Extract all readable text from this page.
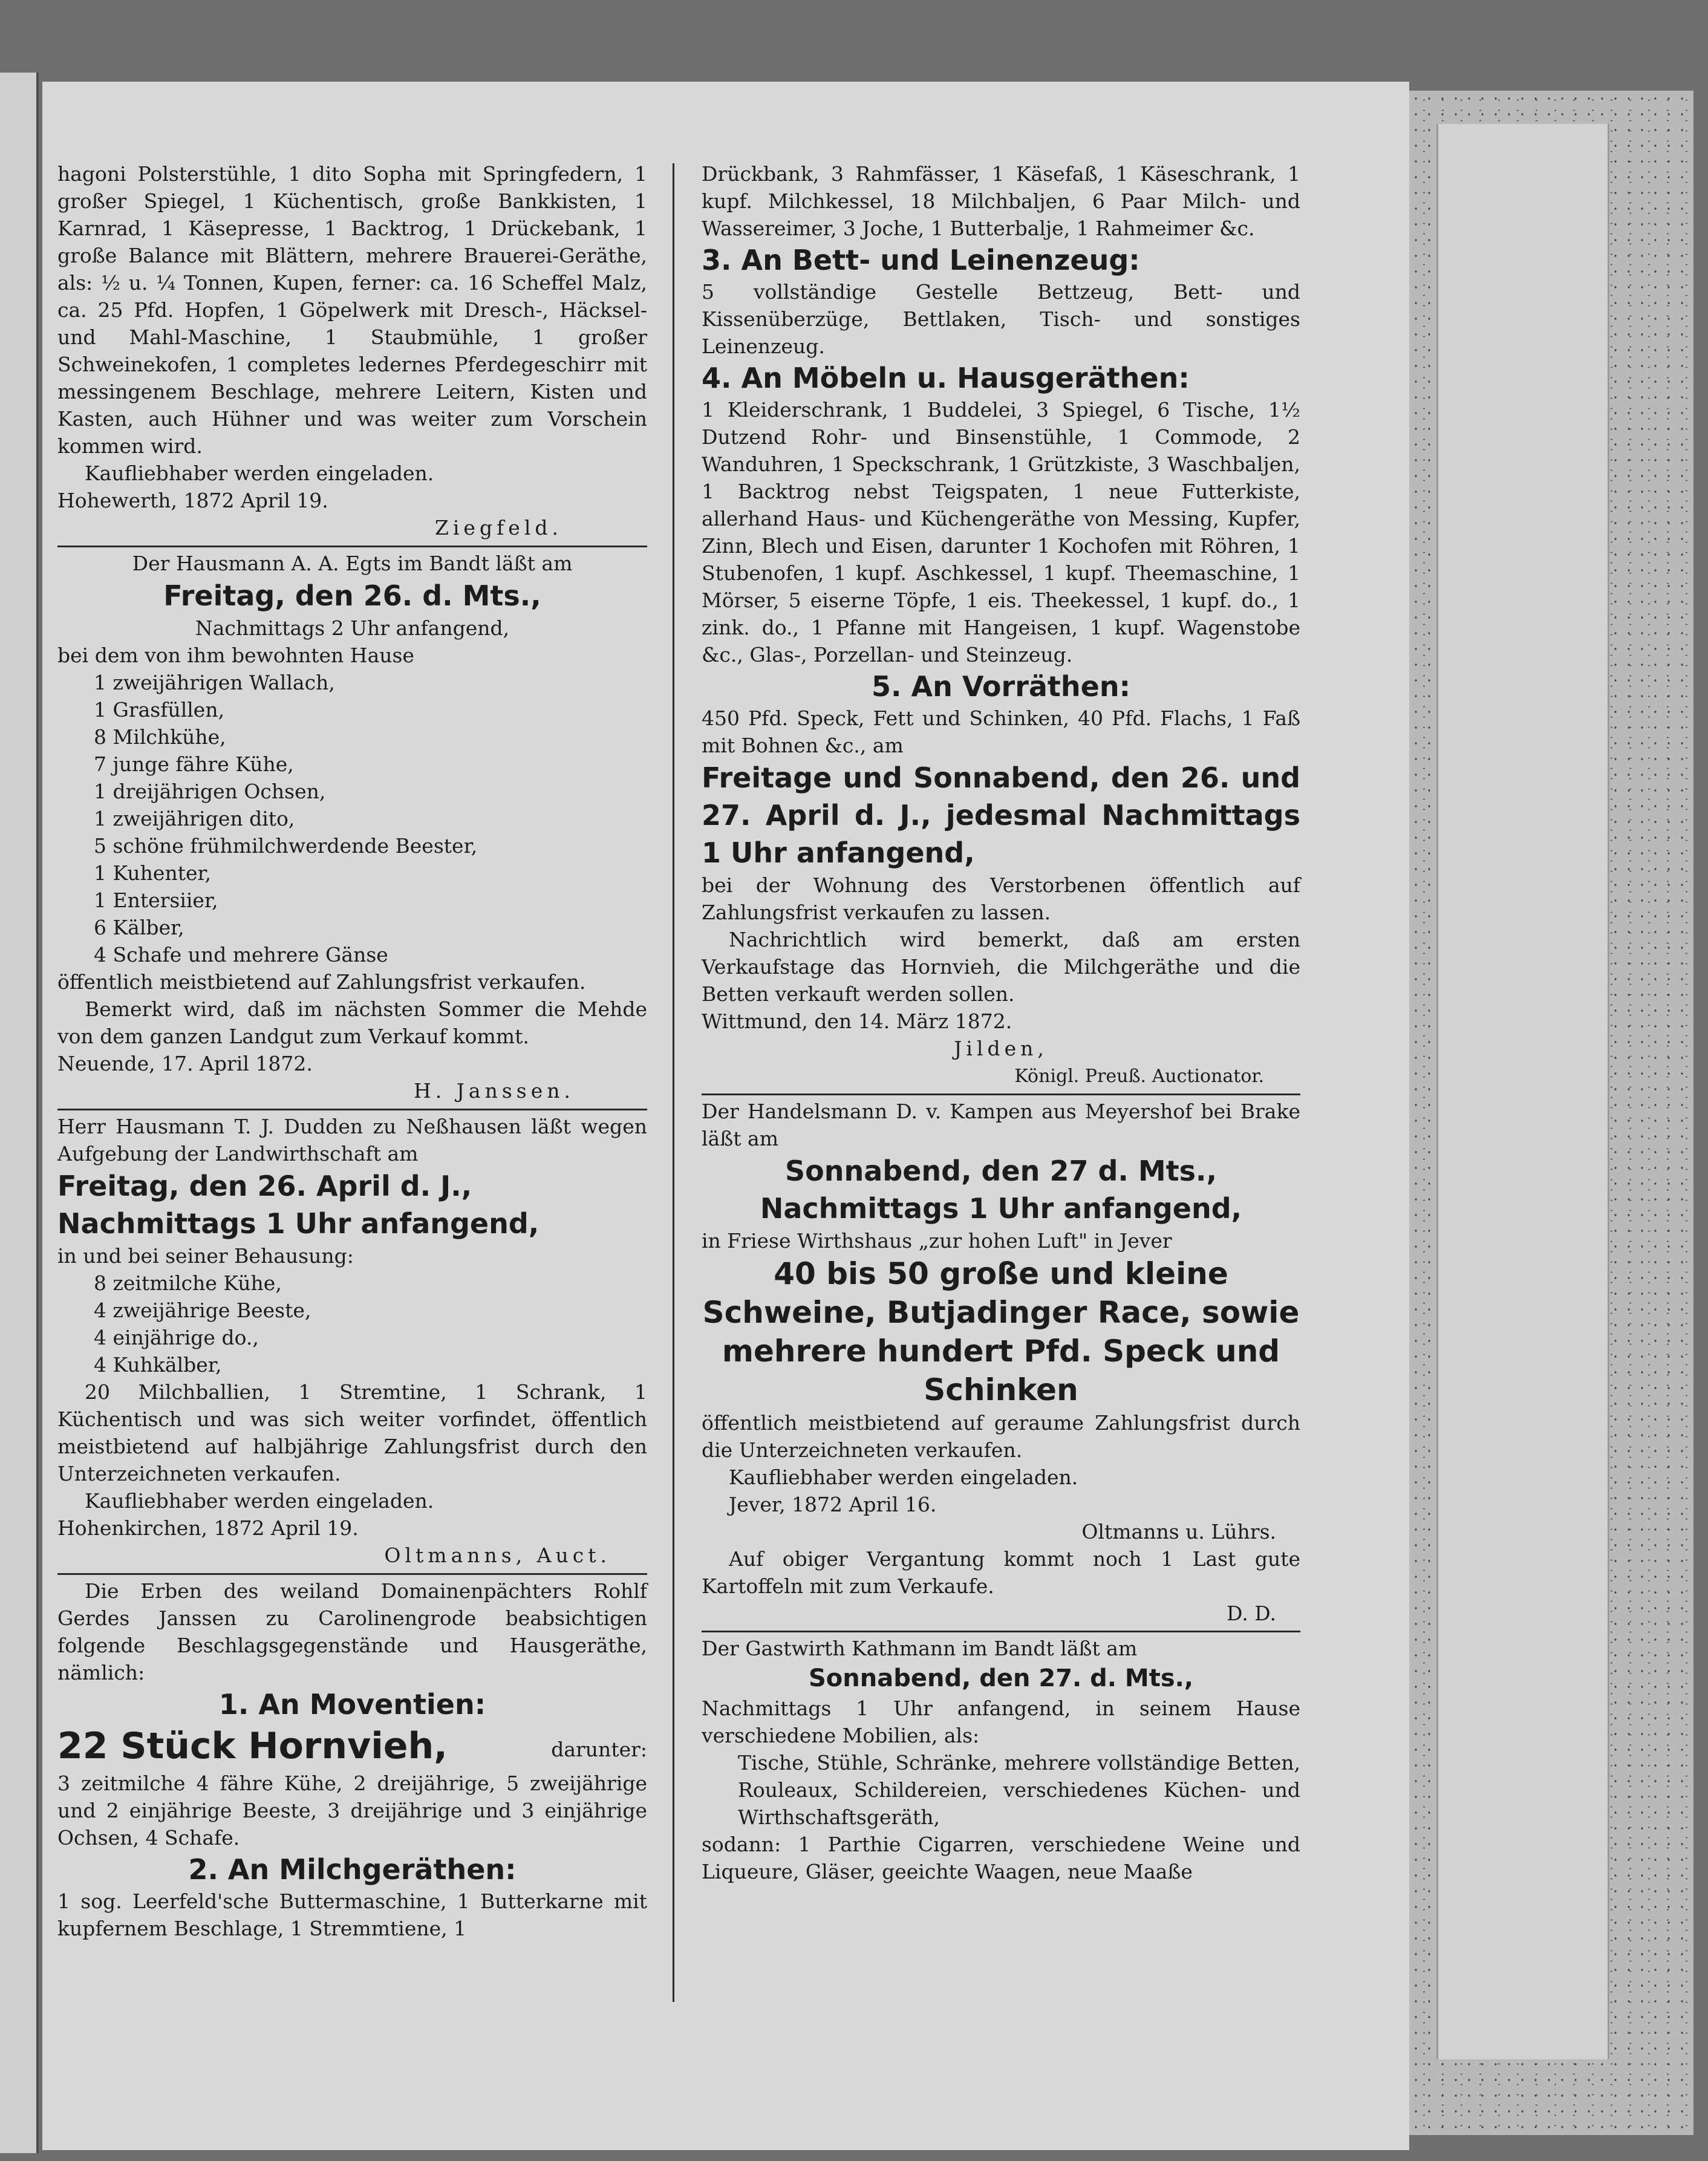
hagoni Polsterstühle, 1 dito Sopha mit Springfedern, 1 großer Spiegel, 1 Küchentisch, große Bankkisten, 1 Karnrad, 1 Käsepresse, 1 Backtrog, 1 Drückebank, 1 große Balance mit Blättern, mehrere Brauerei-Geräthe, als: ½ u. ¼ Tonnen, Kupen, ferner: ca. 16 Scheffel Malz, ca. 25 Pfd. Hopfen, 1 Göpelwerk mit Dresch-, Häcksel- und Mahl-Maschine, 1 Staubmühle, 1 großer Schweinekofen, 1 completes ledernes Pferdegeschirr mit messingenem Beschlage, mehrere Leitern, Kisten und Kasten, auch Hühner und was weiter zum Vorschein kommen wird.

Kaufliebhaber werden eingeladen.

Hohewerth, 1872 April 19.

Ziegfeld.

Der Hausmann A. A. Egts im Bandt läßt am

Freitag, den 26. d. Mts.,

Nachmittags 2 Uhr anfangend,

bei dem von ihm bewohnten Hause

1 zweijährigen Wallach,

1 Grasfüllen,

8 Milchkühe,

7 junge fähre Kühe,

1 dreijährigen Ochsen,

1 zweijährigen dito,

5 schöne frühmilchwerdende Beester,

1 Kuhenter,

1 Entersiier,

6 Kälber,

4 Schafe und mehrere Gänse

öffentlich meistbietend auf Zahlungsfrist verkaufen.

Bemerkt wird, daß im nächsten Sommer die Mehde von dem ganzen Landgut zum Verkauf kommt.

Neuende, 17. April 1872.

H. Janssen.

Herr Hausmann T. J. Dudden zu Neßhausen läßt wegen Aufgebung der Landwirthschaft am

Freitag, den 26. April d. J.,

Nachmittags 1 Uhr anfangend,

in und bei seiner Behausung:

8 zeitmilche Kühe,

4 zweijährige Beeste,

4 einjährige do.,

4 Kuhkälber,

20 Milchballien, 1 Stremtine, 1 Schrank, 1 Küchentisch und was sich weiter vorfindet, öffentlich meistbietend auf halbjährige Zahlungsfrist durch den Unterzeichneten verkaufen.

Kaufliebhaber werden eingeladen.

Hohenkirchen, 1872 April 19.

Oltmanns, Auct.

Die Erben des weiland Domainenpächters Rohlf Gerdes Janssen zu Carolinengrode beabsichtigen folgende Beschlagsgegenstände und Hausgeräthe, nämlich:

1. An Moventien:

22 Stück Hornvieh,	darunter:

3 zeitmilche 4 fähre Kühe, 2 dreijährige, 5 zweijährige und 2 einjährige Beeste, 3 dreijährige und 3 einjährige Ochsen, 4 Schafe.

2. An Milchgeräthen:

1 sog. Leerfeld'sche Buttermaschine, 1 Butterkarne mit kupfernem Beschlage, 1 Stremmtiene, 1

Drückbank, 3 Rahmfässer, 1 Käsefaß, 1 Käseschrank, 1 kupf. Milchkessel, 18 Milchbaljen, 6 Paar Milch- und Wassereimer, 3 Joche, 1 Butterbalje, 1 Rahmeimer &c.

3. An Bett- und Leinenzeug:

5 vollständige Gestelle Bettzeug, Bett- und Kissenüberzüge, Bettlaken, Tisch- und sonstiges Leinenzeug.

4. An Möbeln u. Hausgeräthen:

1 Kleiderschrank, 1 Buddelei, 3 Spiegel, 6 Tische, 1½ Dutzend Rohr- und Binsenstühle, 1 Commode, 2 Wanduhren, 1 Speckschrank, 1 Grützkiste, 3 Waschbaljen, 1 Backtrog nebst Teigspaten, 1 neue Futterkiste, allerhand Haus- und Küchengeräthe von Messing, Kupfer, Zinn, Blech und Eisen, darunter 1 Kochofen mit Röhren, 1 Stubenofen, 1 kupf. Aschkessel, 1 kupf. Theemaschine, 1 Mörser, 5 eiserne Töpfe, 1 eis. Theekessel, 1 kupf. do., 1 zink. do., 1 Pfanne mit Hangeisen, 1 kupf. Wagenstobe &c., Glas-, Porzellan- und Steinzeug.

5. An Vorräthen:

450 Pfd. Speck, Fett und Schinken, 40 Pfd. Flachs, 1 Faß mit Bohnen &c., am

Freitage und Sonnabend, den 26. und 27. April d. J., jedesmal Nachmittags 1 Uhr anfangend,

bei der Wohnung des Verstorbenen öffentlich auf Zahlungsfrist verkaufen zu lassen.

Nachrichtlich wird bemerkt, daß am ersten Verkaufstage das Hornvieh, die Milchgeräthe und die Betten verkauft werden sollen.

Wittmund, den 14. März 1872.

Jilden,

Königl. Preuß. Auctionator.

Der Handelsmann D. v. Kampen aus Meyershof bei Brake läßt am

Sonnabend, den 27 d. Mts.,

Nachmittags 1 Uhr anfangend,

in Friese Wirthshaus „zur hohen Luft" in Jever

40 bis 50 große und kleine Schweine, Butjadinger Race, sowie mehrere hundert Pfd. Speck und Schinken

öffentlich meistbietend auf geraume Zahlungsfrist durch die Unterzeichneten verkaufen.

Kaufliebhaber werden eingeladen.

Jever, 1872 April 16.

Oltmanns u. Lührs.

Auf obiger Vergantung kommt noch 1 Last gute Kartoffeln mit zum Verkaufe.

D. D.

Der Gastwirth Kathmann im Bandt läßt am

Sonnabend, den 27. d. Mts.,

Nachmittags 1 Uhr anfangend, in seinem Hause verschiedene Mobilien, als:

Tische, Stühle, Schränke, mehrere vollständige Betten, Rouleaux, Schildereien, verschiedenes Küchen- und Wirthschaftsgeräth,

sodann: 1 Parthie Cigarren, verschiedene Weine und Liqueure, Gläser, geeichte Waagen, neue Maaße
